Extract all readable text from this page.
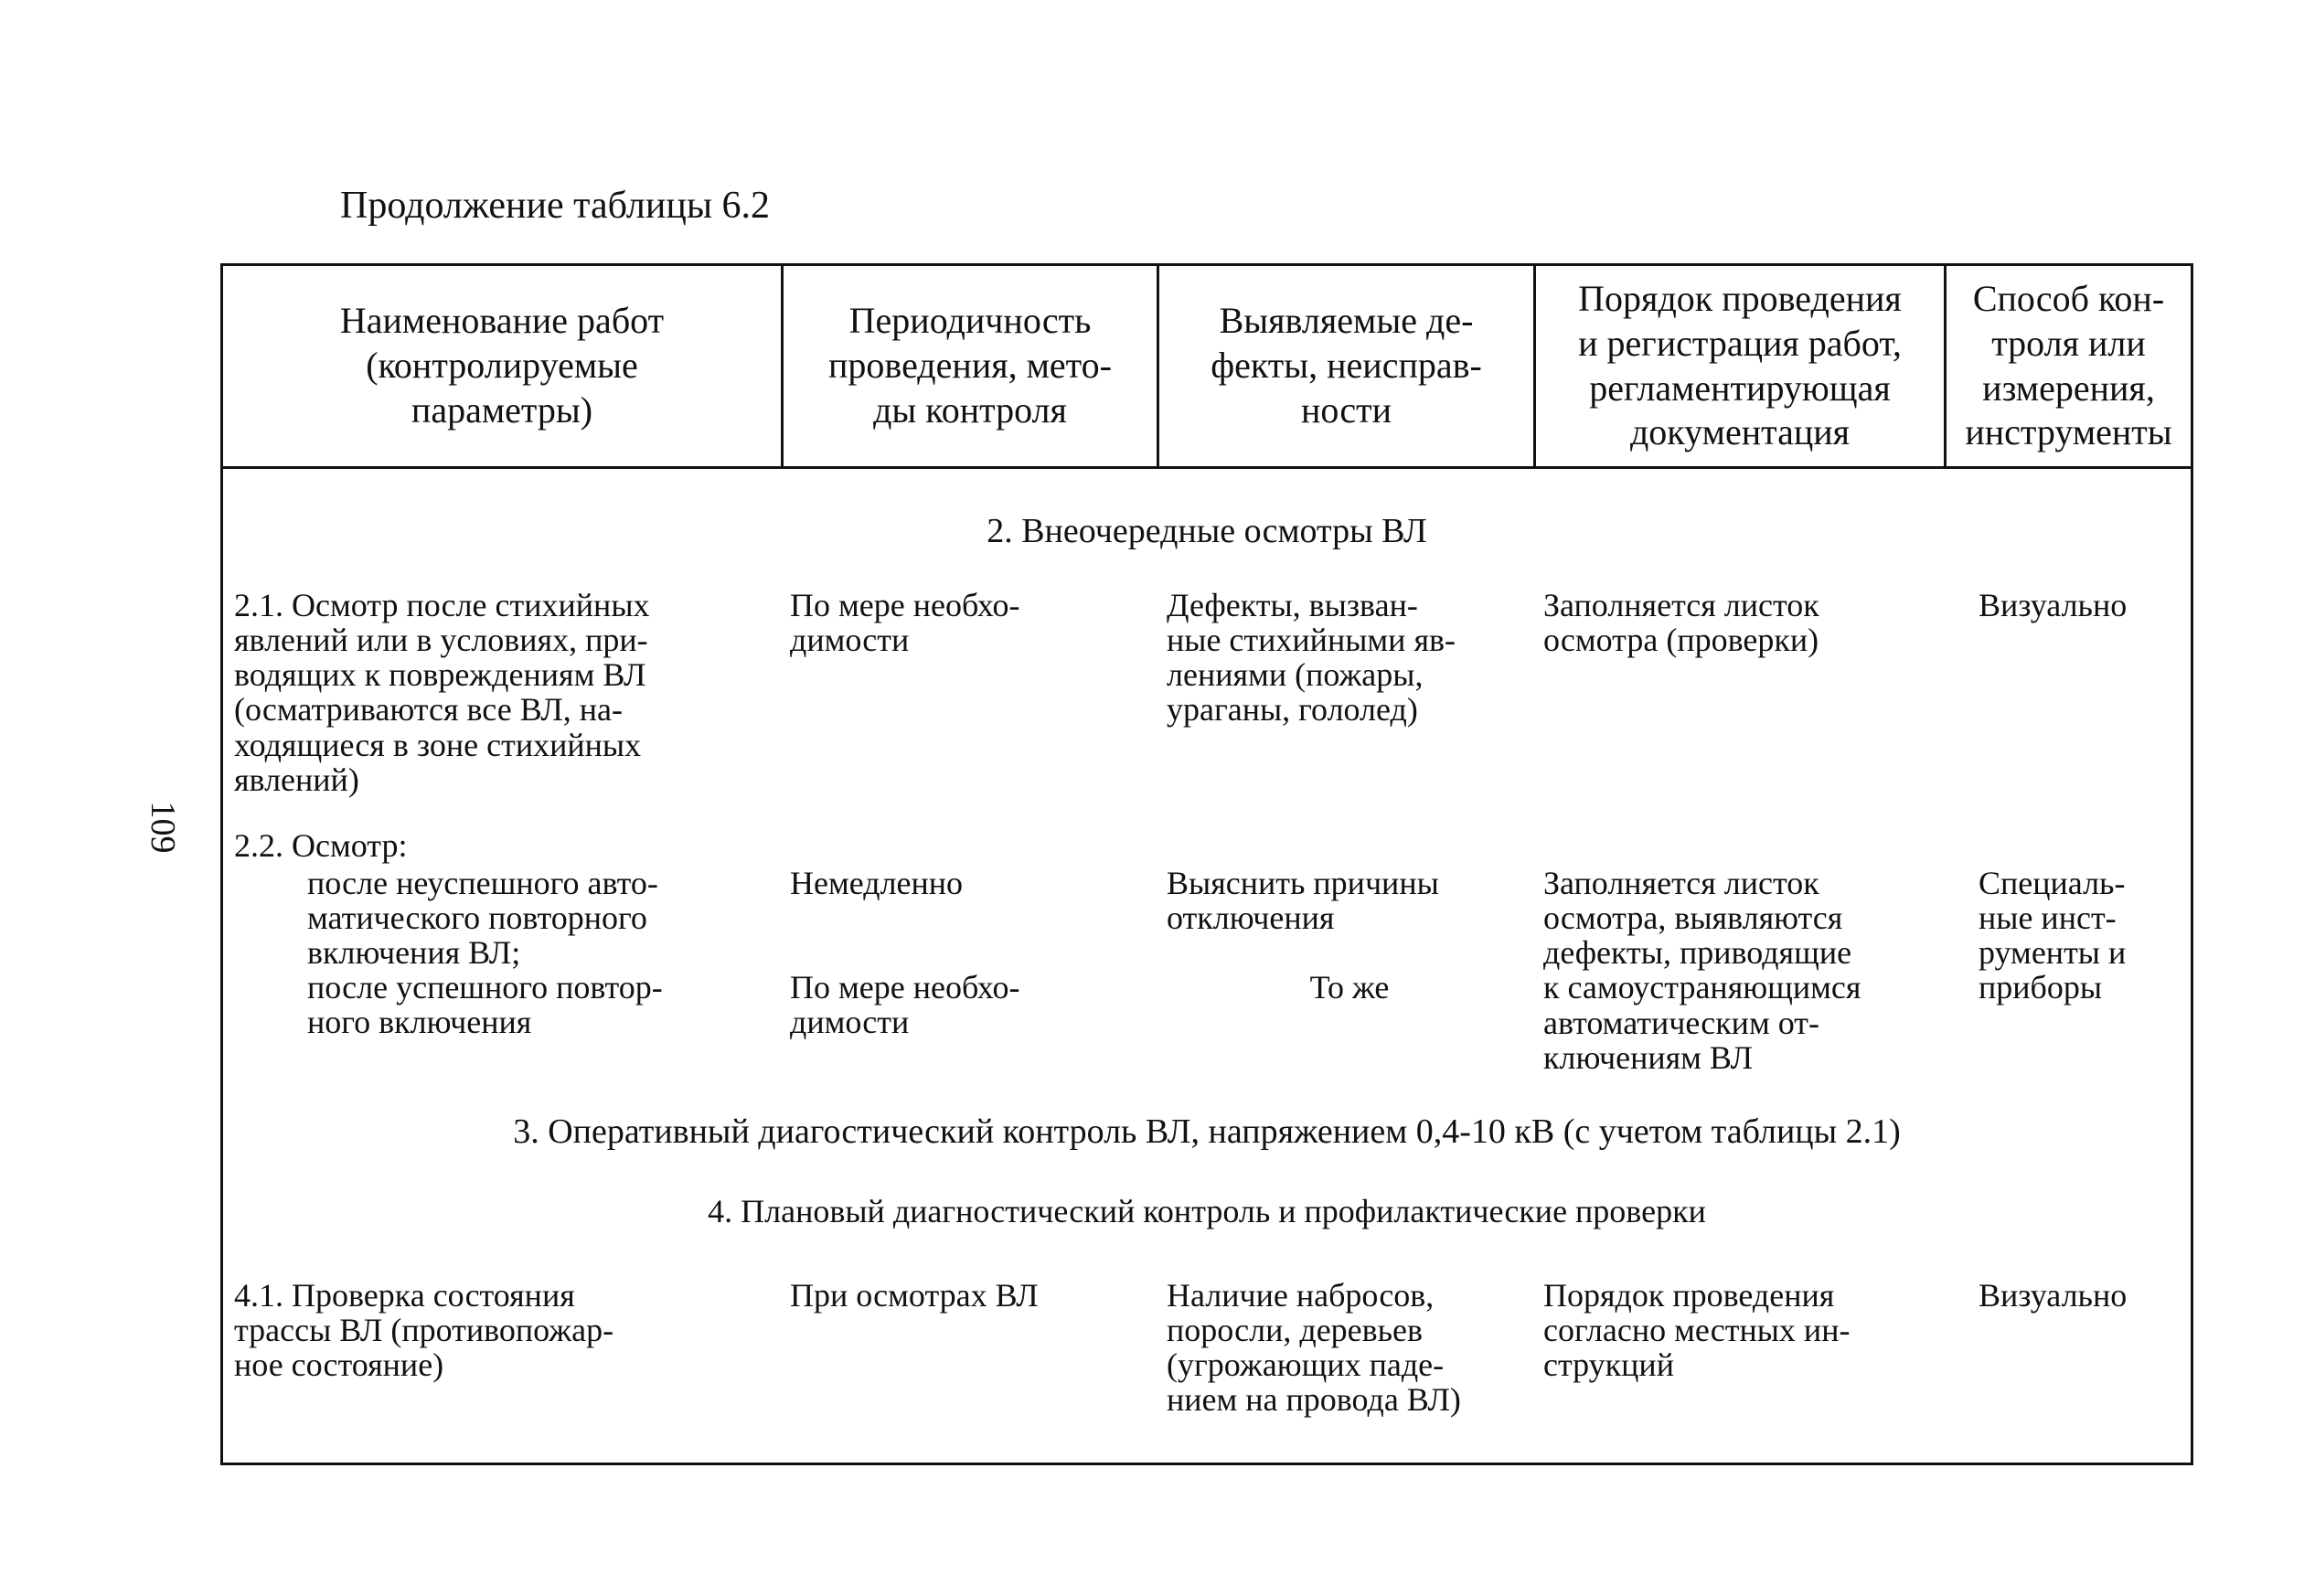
Продолжение таблицы 6.2
109
Наименование работ
(контролируемые
параметры)
Периодичность
проведения, мето-
ды контроля
Выявляемые де-
фекты, неисправ-
ности
Порядок проведения
и регистрация работ,
регламентирующая
документация
Способ кон-
троля или
измерения,
инструменты
2. Внеочередные осмотры ВЛ
2.1. Осмотр после стихийных
явлений или в условиях, при-
водящих к повреждениям ВЛ
(осматриваются все ВЛ, на-
ходящиеся в зоне стихийных
явлений)
По мере необхо-
димости
Дефекты, вызван-
ные стихийными яв-
лениями (пожары,
ураганы, гололед)
Заполняется листок
осмотра (проверки)
Визуально
2.2. Осмотр:
после неуспешного авто-
матического повторного
включения ВЛ;
Немедленно	Выяснить причины
отключения
после успешного повтор-
ного включения
По мере необхо-
димости
То же
Заполняется листок
осмотра, выявляются
дефекты, приводящие
к самоустраняющимся
автоматическим от-
ключениям ВЛ
Специаль-
ные инст-
рументы и
приборы
3. Оперативный диагостический контроль ВЛ, напряжением 0,4-10 кВ (с учетом таблицы 2.1)
4. Плановый диагностический контроль и профилактические проверки
4.1. Проверка состояния
трассы ВЛ (противопожар-
ное состояние)
При осмотрах ВЛ	Наличие набросов,
поросли, деревьев
(угрожающих паде-
нием на провода ВЛ)
Порядок проведения
согласно местных ин-
струкций
Визуально
